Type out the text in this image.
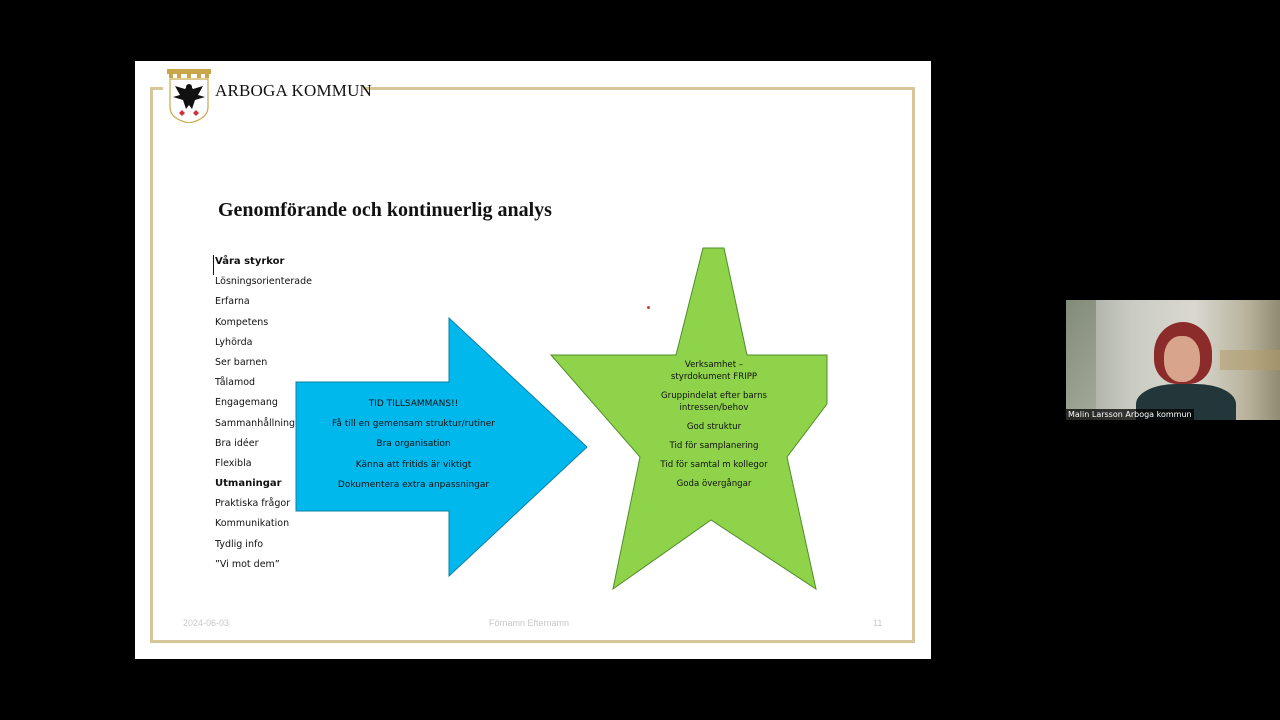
ARBOGA KOMMUN
Genomförande och kontinuerlig analys
Våra styrkor
Lösningsorienterade
Erfarna
Kompetens
Lyhörda
Ser barnen
Tålamod
Engagemang
Sammanhållning
Bra idéer
Flexibla
Utmaningar
Praktiska frågor
Kommunikation
Tydlig info
”Vi mot dem”
TID TILLSAMMANS!!
Få till en gemensam struktur/rutiner
Bra organisation
Känna att fritids är viktigt
Dokumentera extra anpassningar
Verksamhet –
styrdokument FRIPP
Gruppindelat efter barns
intressen/behov
God struktur
Tid för samplanering
Tid för samtal m kollegor
Goda övergångar
2024-06-03	Förnamn Efternamn	11
Malin Larsson Arboga kommun
